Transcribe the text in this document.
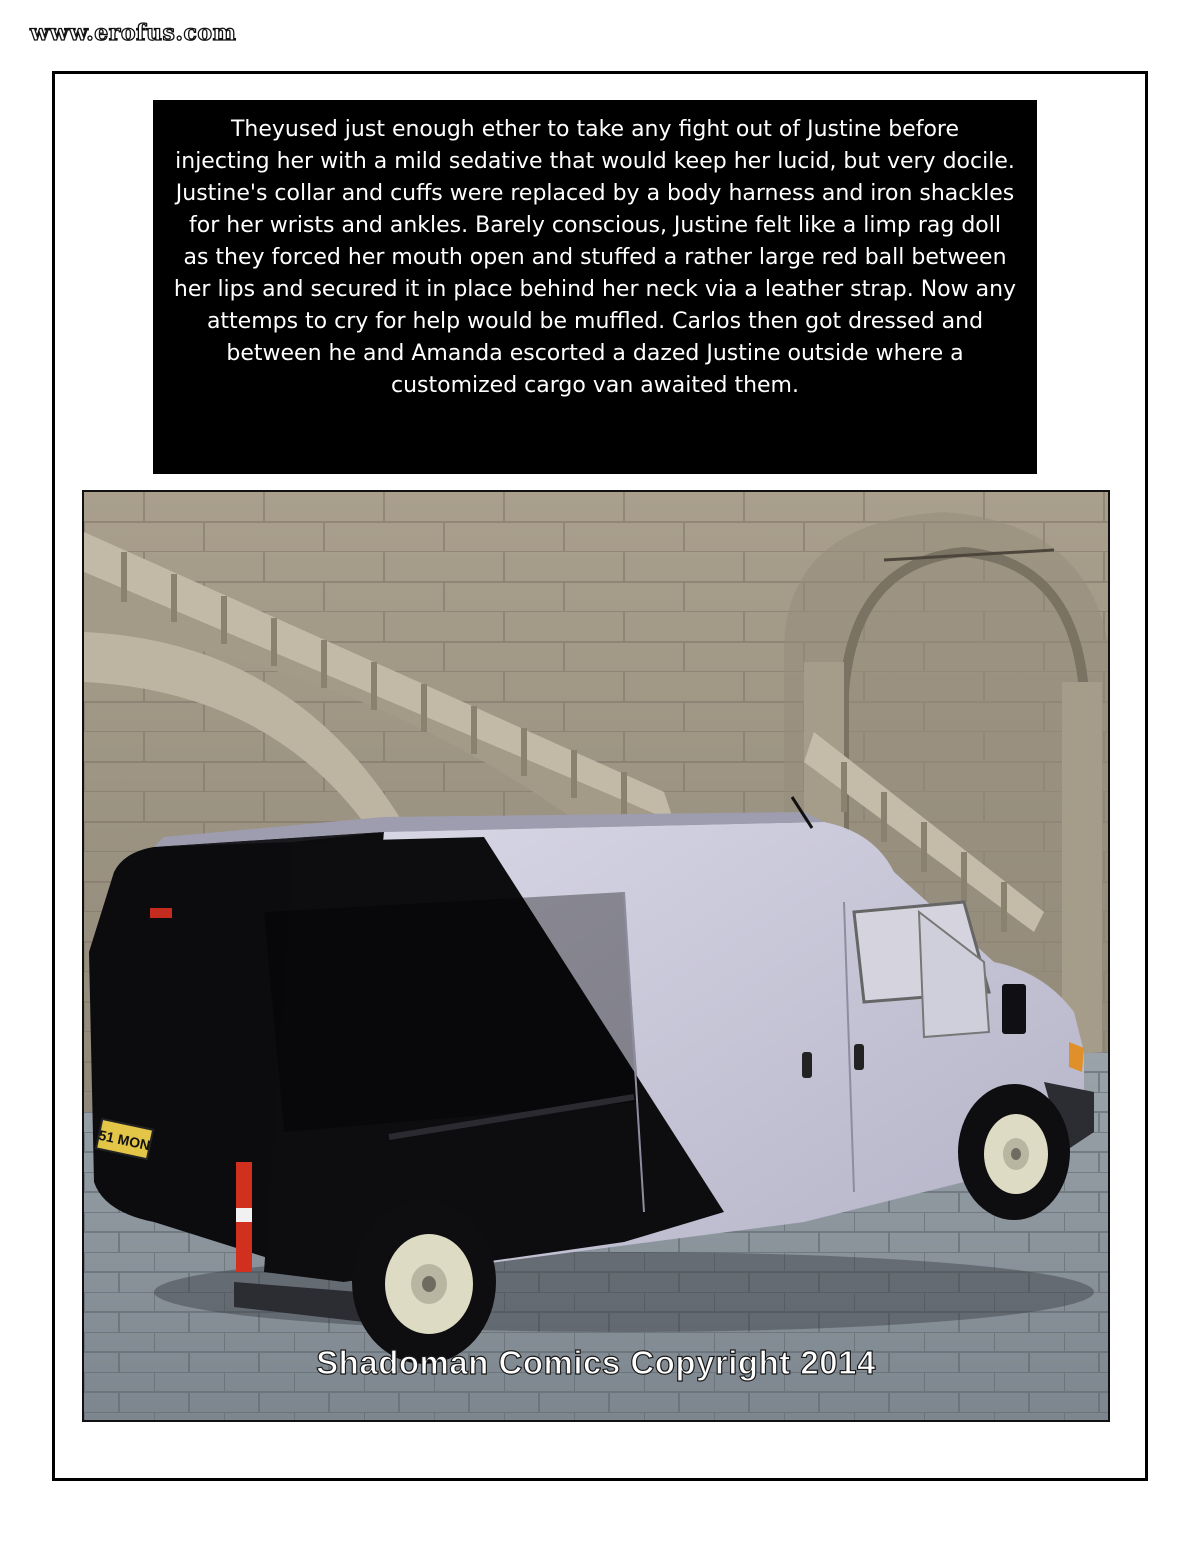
www.erofus.com
Theyused just enough ether to take any fight out of Justine before
injecting her with a mild sedative that would keep her lucid, but very docile.
Justine's collar and cuffs were replaced by a body harness and iron shackles
for her wrists and ankles. Barely conscious, Justine felt like a limp rag doll
as they forced her mouth open and stuffed a rather large red ball between
her lips and secured it in place behind her neck via a leather strap. Now any
attemps to cry for help would be muffled. Carlos then got dressed and
between he and Amanda escorted a dazed Justine outside where a
customized cargo van awaited them.
51 MON
Shadoman Comics Copyright 2014
